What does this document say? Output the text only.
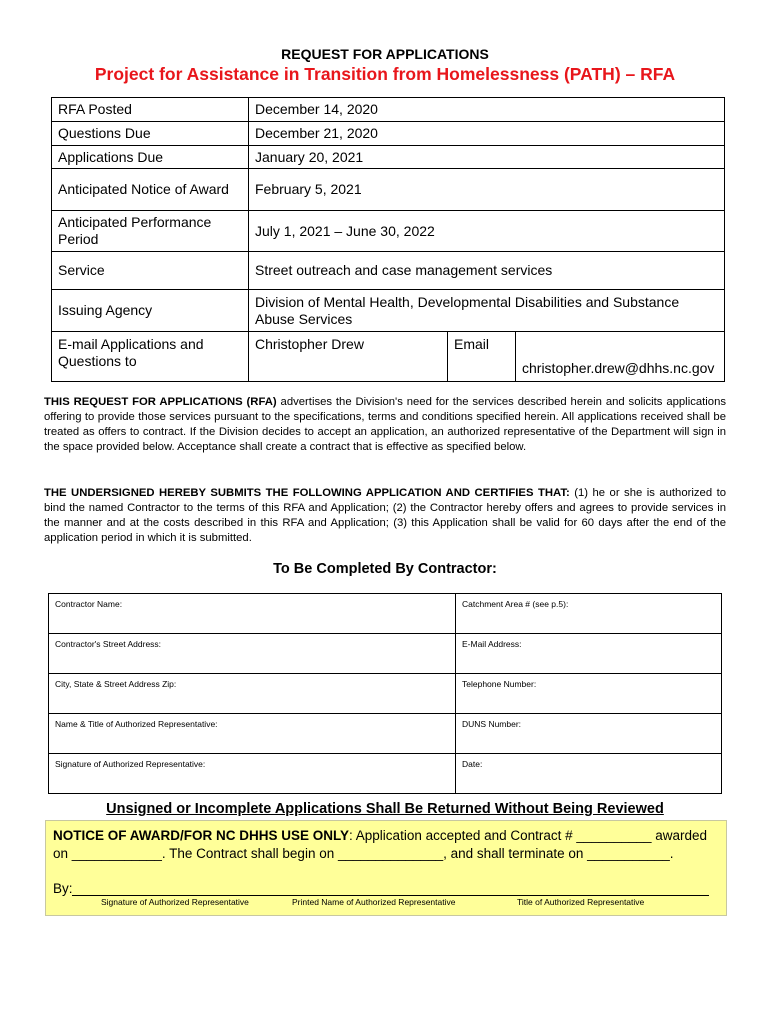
REQUEST FOR APPLICATIONS
Project for Assistance in Transition from Homelessness (PATH) – RFA
RFA Posted	December 14, 2020		
Questions Due	December 21, 2020		
Applications Due	January 20, 2021		
Anticipated Notice of Award	February 5, 2021		
Anticipated Performance Period	July 1, 2021 – June 30, 2022		
Service	Street outreach and case management services		
Issuing Agency	Division of Mental Health, Developmental Disabilities and Substance Abuse Services		
E-mail Applications and Questions to	Christopher Drew	Email	christopher.drew@dhhs.nc.gov
THIS REQUEST FOR APPLICATIONS (RFA) advertises the Division's need for the services described herein and solicits applications offering to provide those services pursuant to the specifications, terms and conditions specified herein. All applications received shall be treated as offers to contract. If the Division decides to accept an application, an authorized representative of the Department will sign in the space provided below. Acceptance shall create a contract that is effective as specified below.
THE UNDERSIGNED HEREBY SUBMITS THE FOLLOWING APPLICATION AND CERTIFIES THAT: (1) he or she is authorized to bind the named Contractor to the terms of this RFA and Application; (2) the Contractor hereby offers and agrees to provide services in the manner and at the costs described in this RFA and Application; (3) this Application shall be valid for 60 days after the end of the application period in which it is submitted.
To Be Completed By Contractor:
Contractor Name:	Catchment Area # (see p.5):
Contractor's Street Address:	E-Mail Address:
City, State & Street Address Zip:	Telephone Number:
Name & Title of Authorized Representative:	DUNS Number:
Signature of Authorized Representative:	Date:
Unsigned or Incomplete Applications Shall Be Returned Without Being Reviewed
NOTICE OF AWARD/FOR NC DHHS USE ONLY: Application accepted and Contract # __________ awarded on ____________. The Contract shall begin on ______________, and shall terminate on ___________.
By:
Signature of Authorized Representative	Printed Name of Authorized Representative	Title of Authorized Representative
